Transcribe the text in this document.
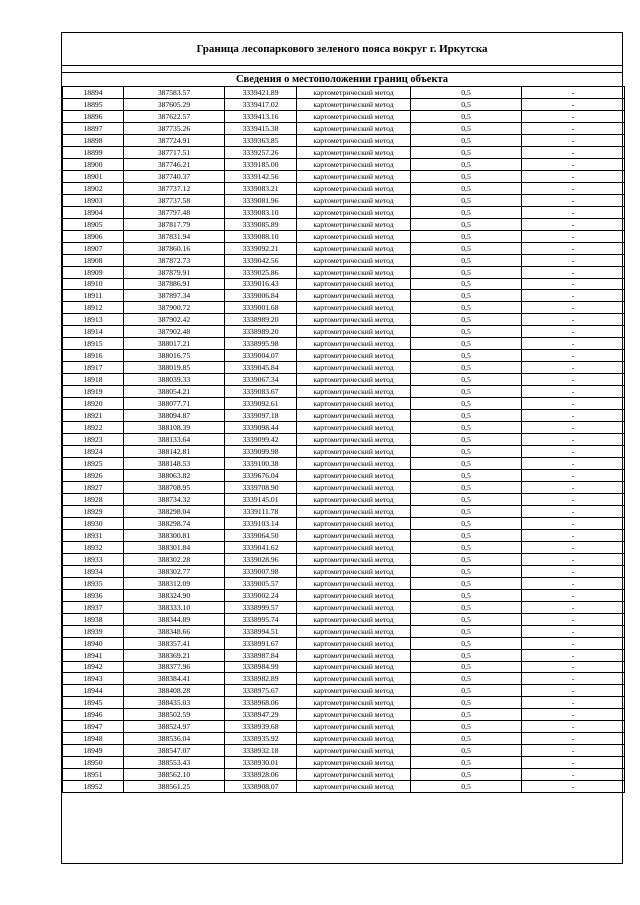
Граница лесопаркового зеленого пояса вокруг г. Иркутска
Сведения о местоположении границ объекта
18894	387583.57	3339421.89	картометрический метод	0,5	-
18895	387605.29	3339417.02	картометрический метод	0,5	-
18896	387622.57	3339413.16	картометрический метод	0,5	-
18897	387735.26	3339415.38	картометрический метод	0,5	-
18898	387724.91	3339363.85	картометрический метод	0,5	-
18899	387717.51	3339257.26	картометрический метод	0,5	-
18900	387746.21	3339185.00	картометрический метод	0,5	-
18901	387740.37	3339142.56	картометрический метод	0,5	-
18902	387737.12	3339083.21	картометрический метод	0,5	-
18903	387737.58	3339081.96	картометрический метод	0,5	-
18904	387797.48	3339083.10	картометрический метод	0,5	-
18905	387817.79	3339085.89	картометрический метод	0,5	-
18906	387831.94	3339088.10	картометрический метод	0,5	-
18907	387860.16	3339092.21	картометрический метод	0,5	-
18908	387872.73	3339042.56	картометрический метод	0,5	-
18909	387879.91	3339025.86	картометрический метод	0,5	-
18910	387886.91	3339016.43	картометрический метод	0,5	-
18911	387897.34	3339006.84	картометрический метод	0,5	-
18912	387900.72	3339001.68	картометрический метод	0,5	-
18913	387902.42	3338989.20	картометрический метод	0,5	-
18914	387902.48	3338989.20	картометрический метод	0,5	-
18915	388017.21	3338995.98	картометрический метод	0,5	-
18916	388016.75	3339004.07	картометрический метод	0,5	-
18917	388019.85	3339045.84	картометрический метод	0,5	-
18918	388039.33	3339067.34	картометрический метод	0,5	-
18919	388054.21	3339083.67	картометрический метод	0,5	-
18920	388077.71	3339092.61	картометрический метод	0,5	-
18921	388094.87	3339097.18	картометрический метод	0,5	-
18922	388108.39	3339098.44	картометрический метод	0,5	-
18923	388133.64	3339099.42	картометрический метод	0,5	-
18924	388142.81	3339099.98	картометрический метод	0,5	-
18925	388148.53	3339100.38	картометрический метод	0,5	-
18926	388063.82	3339676.04	картометрический метод	0,5	-
18927	388708.95	3339708.90	картометрический метод	0,5	-
18928	388734.32	3339145.01	картометрический метод	0,5	-
18929	388298.04	3339111.78	картометрический метод	0,5	-
18930	388298.74	3339103.14	картометрический метод	0,5	-
18931	388300.81	3339064.50	картометрический метод	0,5	-
18932	388301.84	3339041.62	картометрический метод	0,5	-
18933	388302.28	3339028.96	картометрический метод	0,5	-
18934	388302.77	3339007.98	картометрический метод	0,5	-
18935	388312.09	3339005.57	картометрический метод	0,5	-
18936	388324.90	3339002.24	картометрический метод	0,5	-
18937	388333.10	3338999.57	картометрический метод	0,5	-
18938	388344.89	3338995.74	картометрический метод	0,5	-
18939	388348.66	3338994.51	картометрический метод	0,5	-
18940	388357.41	3338991.67	картометрический метод	0,5	-
18941	388369.21	3338987.84	картометрический метод	0,5	-
18942	388377.96	3338984.99	картометрический метод	0,5	-
18943	388384.41	3338982.89	картометрический метод	0,5	-
18944	388408.28	3338975.67	картометрический метод	0,5	-
18945	388435.03	3338968.06	картометрический метод	0,5	-
18946	388502.59	3338947.29	картометрический метод	0,5	-
18947	388524.97	3338939.68	картометрический метод	0,5	-
18948	388536.04	3338935.92	картометрический метод	0,5	-
18949	388547.07	3338932.18	картометрический метод	0,5	-
18950	388553.43	3338930.01	картометрический метод	0,5	-
18951	388562.10	3338928.06	картометрический метод	0,5	-
18952	388561.25	3338908.07	картометрический метод	0,5	-
